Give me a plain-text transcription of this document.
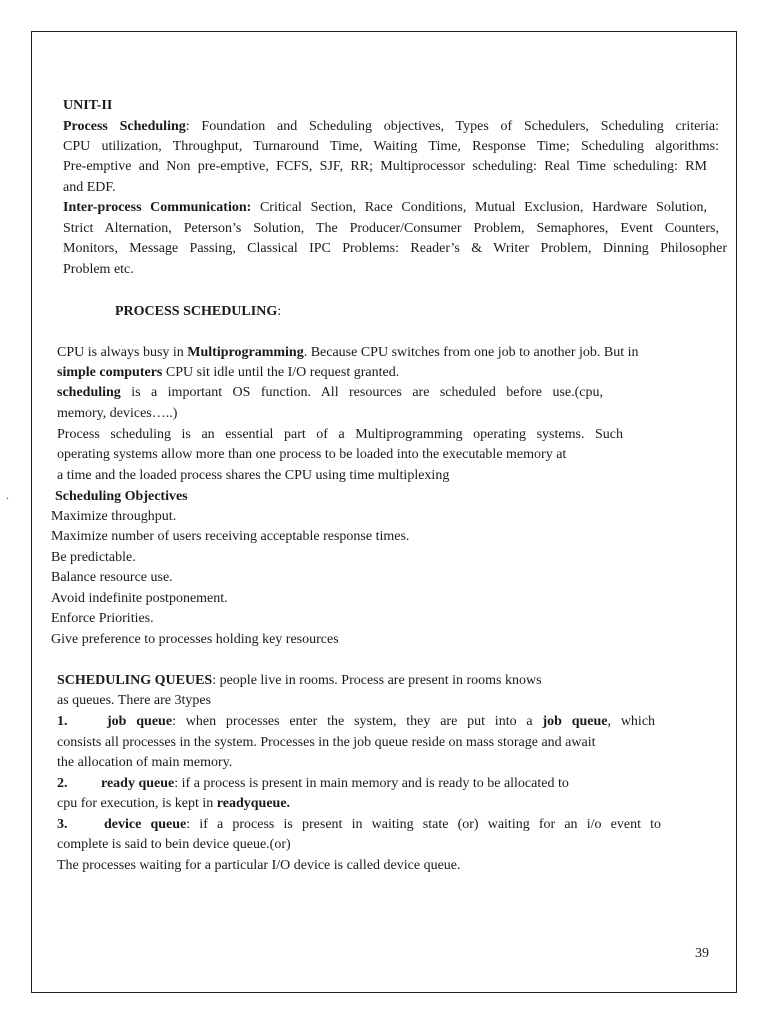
.
UNIT-II
Process Scheduling: Foundation and Scheduling objectives, Types of Schedulers, Scheduling criteria:
CPU utilization, Throughput, Turnaround Time, Waiting Time, Response Time; Scheduling algorithms:
Pre-emptive and Non pre-emptive, FCFS, SJF, RR; Multiprocessor scheduling: Real Time scheduling: RM
and EDF.
Inter-process Communication: Critical Section, Race Conditions, Mutual Exclusion, Hardware Solution,
Strict Alternation, Peterson’s Solution, The Producer/Consumer Problem, Semaphores, Event Counters,
Monitors, Message Passing, Classical IPC Problems: Reader’s & Writer Problem, Dinning Philosopher
Problem etc.
PROCESS SCHEDULING:
CPU is always busy in Multiprogramming. Because CPU switches from one job to another job. But in
simple computers CPU sit idle until the I/O request granted.
scheduling is a important OS function. All resources are scheduled before use.(cpu,
memory, devices…..)
Process scheduling is an essential part of a Multiprogramming operating systems. Such
operating systems allow more than one process to be loaded into the executable memory at
a time and the loaded process shares the CPU using time multiplexing
Scheduling Objectives
Maximize throughput.
Maximize number of users receiving acceptable response times.
Be predictable.
Balance resource use.
Avoid indefinite postponement.
Enforce Priorities.
Give preference to processes holding key resources
SCHEDULING QUEUES: people live in rooms. Process are present in rooms knows
as queues. There are 3types
1.	job queue: when processes enter the system, they are put into a job queue, which
consists all processes in the system. Processes in the job queue reside on mass storage and await
the allocation of main memory.
2. ready queue: if a process is present in main memory and is ready to be allocated to
cpu for execution, is kept in readyqueue.
3.	device queue: if a process is present in waiting state (or) waiting for an i/o event to
complete is said to bein device queue.(or)
The processes waiting for a particular I/O device is called device queue.
39
